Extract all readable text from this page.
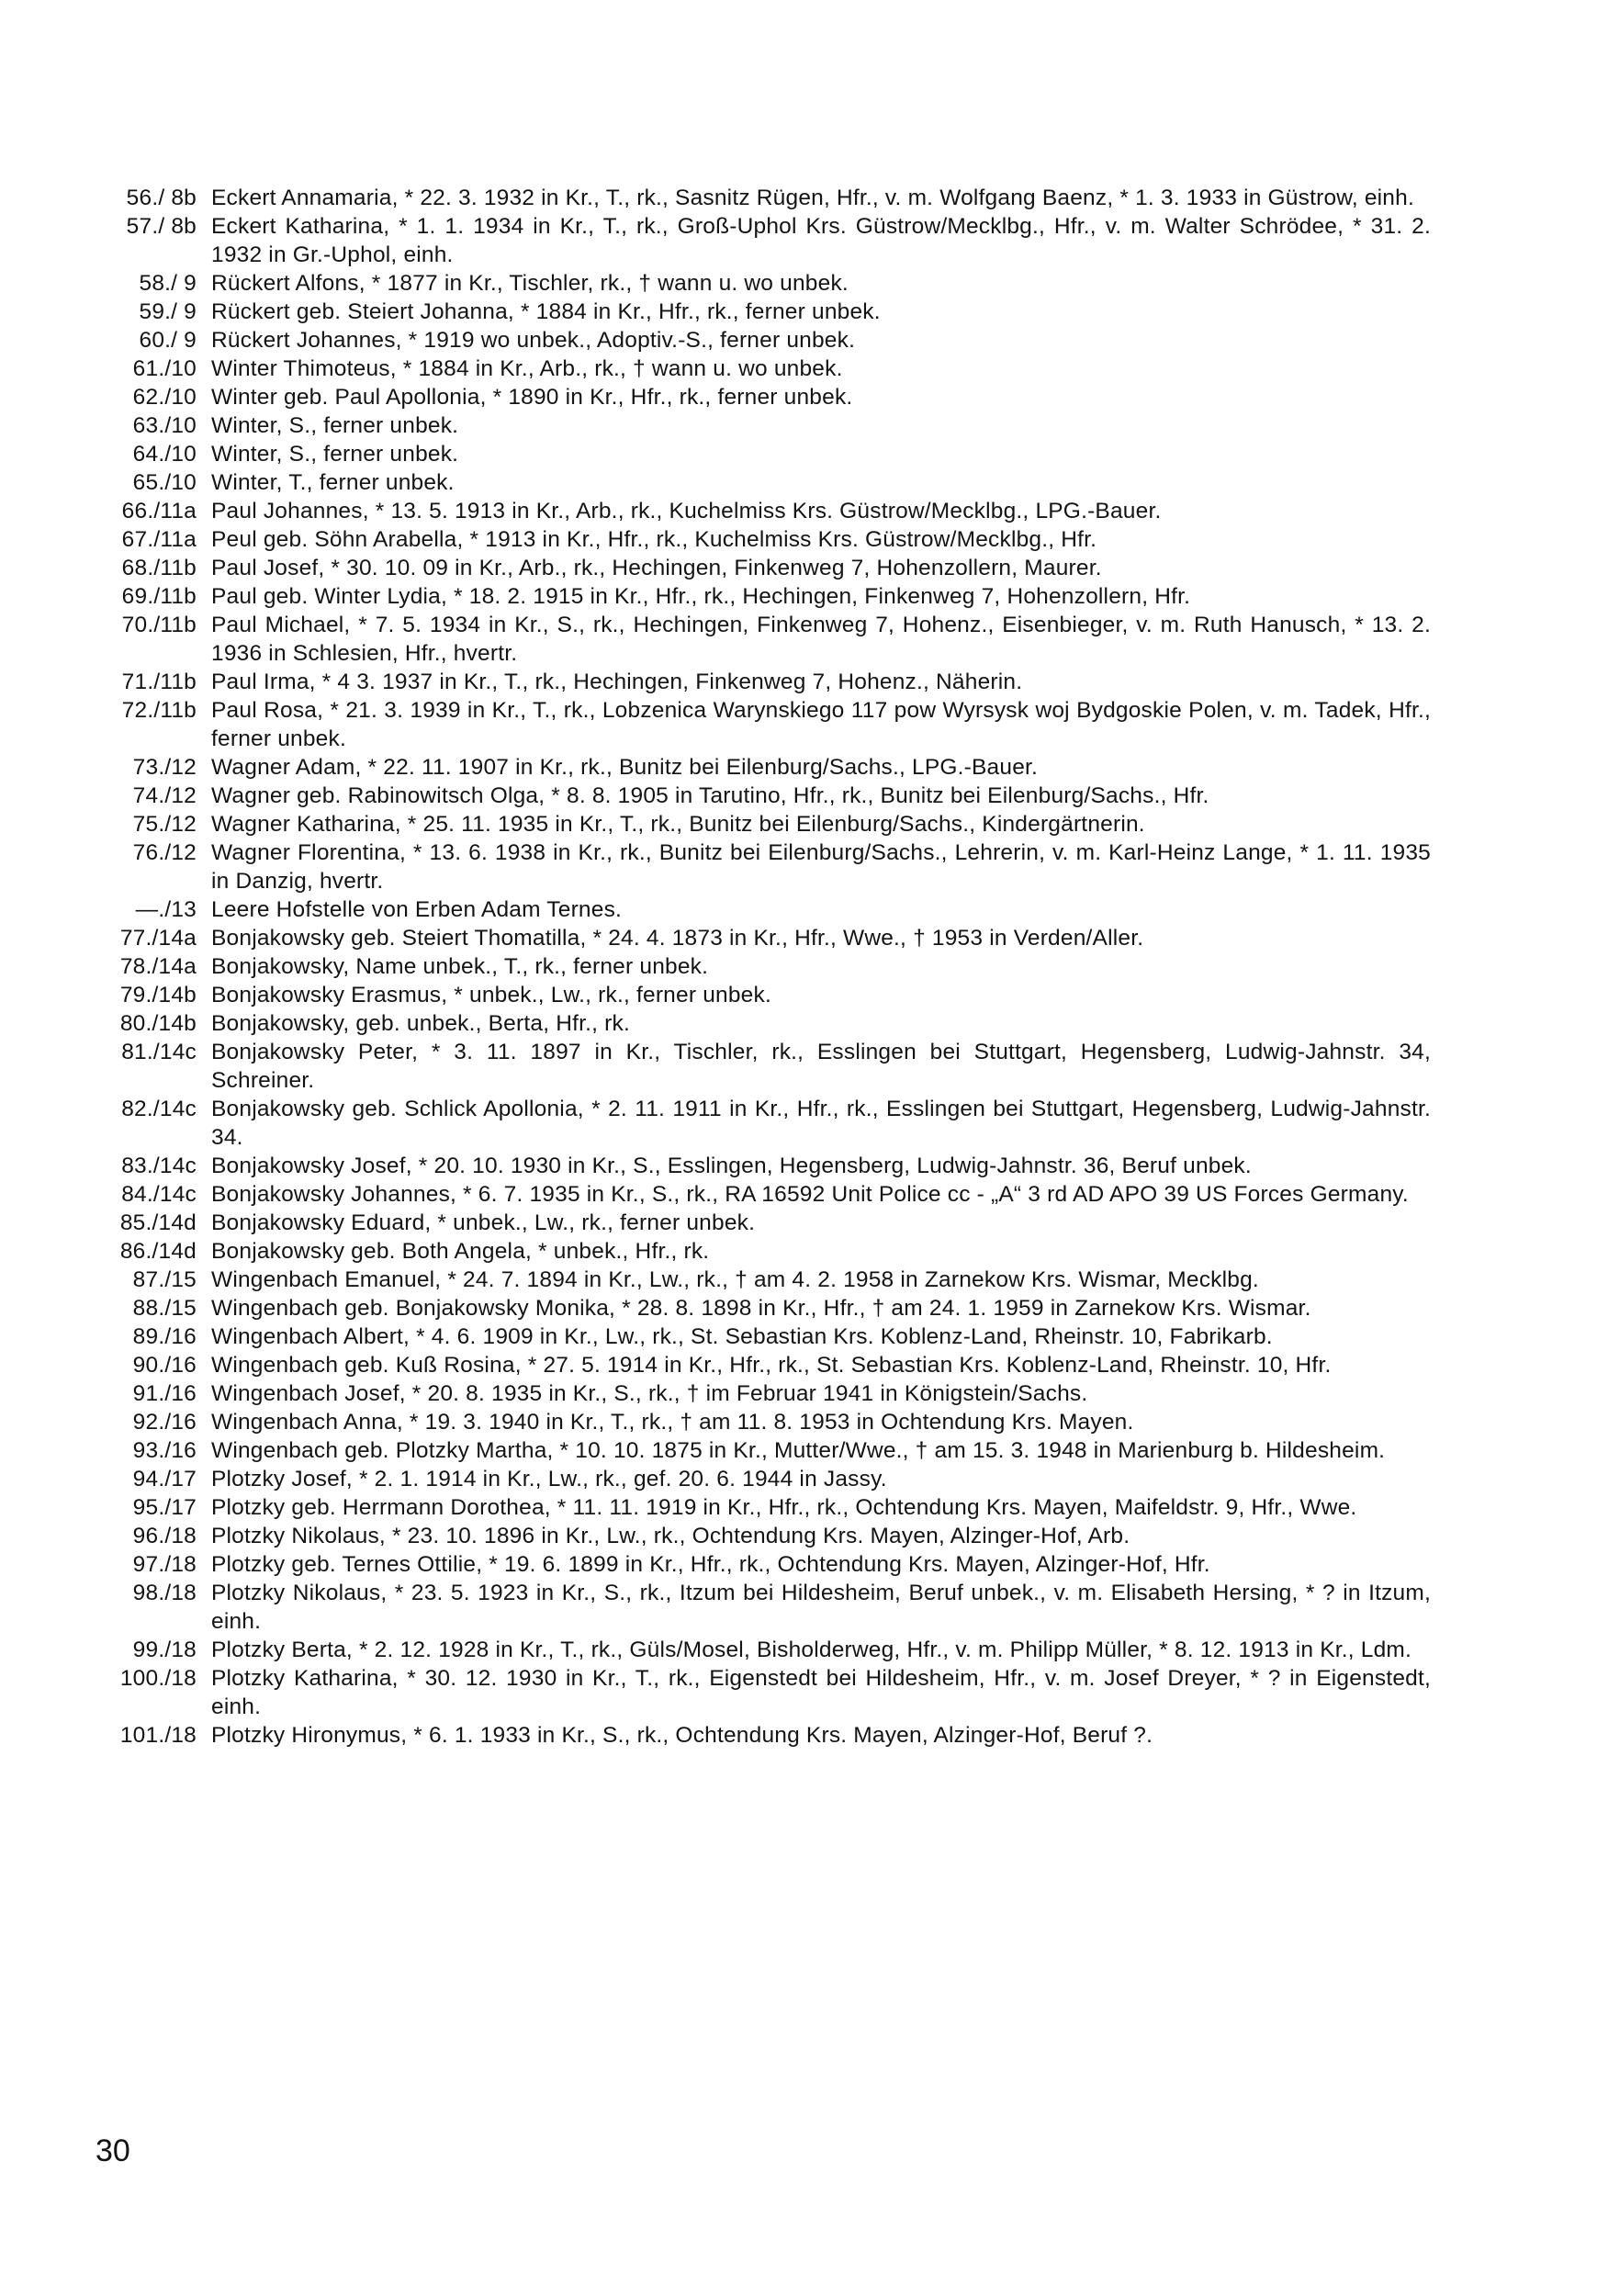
56./ 8b Eckert Annamaria, * 22. 3. 1932 in Kr., T., rk., Sasnitz Rügen, Hfr., v. m. Wolfgang Baenz, * 1. 3. 1933 in Güstrow, einh.
57./ 8b Eckert Katharina, * 1. 1. 1934 in Kr., T., rk., Groß-Uphol Krs. Güstrow/Mecklbg., Hfr., v. m. Walter Schrödee, * 31. 2. 1932 in Gr.-Uphol, einh.
58./ 9 Rückert Alfons, * 1877 in Kr., Tischler, rk., † wann u. wo unbek.
59./ 9 Rückert geb. Steiert Johanna, * 1884 in Kr., Hfr., rk., ferner unbek.
60./ 9 Rückert Johannes, * 1919 wo unbek., Adoptiv.-S., ferner unbek.
61./10 Winter Thimoteus, * 1884 in Kr., Arb., rk., † wann u. wo unbek.
62./10 Winter geb. Paul Apollonia, * 1890 in Kr., Hfr., rk., ferner unbek.
63./10 Winter, S., ferner unbek.
64./10 Winter, S., ferner unbek.
65./10 Winter, T., ferner unbek.
66./11a Paul Johannes, * 13. 5. 1913 in Kr., Arb., rk., Kuchelmiss Krs. Güstrow/Mecklbg., LPG.-Bauer.
67./11a Peul geb. Söhn Arabella, * 1913 in Kr., Hfr., rk., Kuchelmiss Krs. Güstrow/Mecklbg., Hfr.
68./11b Paul Josef, * 30. 10. 09 in Kr., Arb., rk., Hechingen, Finkenweg 7, Hohenzollern, Maurer.
69./11b Paul geb. Winter Lydia, * 18. 2. 1915 in Kr., Hfr., rk., Hechingen, Finkenweg 7, Hohenzollern, Hfr.
70./11b Paul Michael, * 7. 5. 1934 in Kr., S., rk., Hechingen, Finkenweg 7, Hohenz., Eisenbieger, v. m. Ruth Hanusch, * 13. 2. 1936 in Schlesien, Hfr., hvertr.
71./11b Paul Irma, * 4 3. 1937 in Kr., T., rk., Hechingen, Finkenweg 7, Hohenz., Näherin.
72./11b Paul Rosa, * 21. 3. 1939 in Kr., T., rk., Lobzenica Warynskiego 117 pow Wyrsysk woj Bydgoskie Polen, v. m. Tadek, Hfr., ferner unbek.
73./12 Wagner Adam, * 22. 11. 1907 in Kr., rk., Bunitz bei Eilenburg/Sachs., LPG.-Bauer.
74./12 Wagner geb. Rabinowitsch Olga, * 8. 8. 1905 in Tarutino, Hfr., rk., Bunitz bei Eilenburg/Sachs., Hfr.
75./12 Wagner Katharina, * 25. 11. 1935 in Kr., T., rk., Bunitz bei Eilenburg/Sachs., Kindergärtnerin.
76./12 Wagner Florentina, * 13. 6. 1938 in Kr., rk., Bunitz bei Eilenburg/Sachs., Lehrerin, v. m. Karl-Heinz Lange, * 1. 11. 1935 in Danzig, hvertr.
—./13 Leere Hofstelle von Erben Adam Ternes.
77./14a Bonjakowsky geb. Steiert Thomatilla, * 24. 4. 1873 in Kr., Hfr., Wwe., † 1953 in Verden/Aller.
78./14a Bonjakowsky, Name unbek., T., rk., ferner unbek.
79./14b Bonjakowsky Erasmus, * unbek., Lw., rk., ferner unbek.
80./14b Bonjakowsky, geb. unbek., Berta, Hfr., rk.
81./14c Bonjakowsky Peter, * 3. 11. 1897 in Kr., Tischler, rk., Esslingen bei Stuttgart, Hegensberg, Ludwig-Jahnstr. 34, Schreiner.
82./14c Bonjakowsky geb. Schlick Apollonia, * 2. 11. 1911 in Kr., Hfr., rk., Esslingen bei Stuttgart, Hegensberg, Ludwig-Jahnstr. 34.
83./14c Bonjakowsky Josef, * 20. 10. 1930 in Kr., S., Esslingen, Hegensberg, Ludwig-Jahnstr. 36, Beruf unbek.
84./14c Bonjakowsky Johannes, * 6. 7. 1935 in Kr., S., rk., RA 16592 Unit Police cc - „A“ 3 rd AD APO 39 US Forces Germany.
85./14d Bonjakowsky Eduard, * unbek., Lw., rk., ferner unbek.
86./14d Bonjakowsky geb. Both Angela, * unbek., Hfr., rk.
87./15 Wingenbach Emanuel, * 24. 7. 1894 in Kr., Lw., rk., † am 4. 2. 1958 in Zarnekow Krs. Wismar, Mecklbg.
88./15 Wingenbach geb. Bonjakowsky Monika, * 28. 8. 1898 in Kr., Hfr., † am 24. 1. 1959 in Zarnekow Krs. Wismar.
89./16 Wingenbach Albert, * 4. 6. 1909 in Kr., Lw., rk., St. Sebastian Krs. Koblenz-Land, Rheinstr. 10, Fabrikarb.
90./16 Wingenbach geb. Kuß Rosina, * 27. 5. 1914 in Kr., Hfr., rk., St. Sebastian Krs. Koblenz-Land, Rheinstr. 10, Hfr.
91./16 Wingenbach Josef, * 20. 8. 1935 in Kr., S., rk., † im Februar 1941 in Königstein/Sachs.
92./16 Wingenbach Anna, * 19. 3. 1940 in Kr., T., rk., † am 11. 8. 1953 in Ochtendung Krs. Mayen.
93./16 Wingenbach geb. Plotzky Martha, * 10. 10. 1875 in Kr., Mutter/Wwe., † am 15. 3. 1948 in Marienburg b. Hildesheim.
94./17 Plotzky Josef, * 2. 1. 1914 in Kr., Lw., rk., gef. 20. 6. 1944 in Jassy.
95./17 Plotzky geb. Herrmann Dorothea, * 11. 11. 1919 in Kr., Hfr., rk., Ochtendung Krs. Mayen, Maifeldstr. 9, Hfr., Wwe.
96./18 Plotzky Nikolaus, * 23. 10. 1896 in Kr., Lw., rk., Ochtendung Krs. Mayen, Alzinger-Hof, Arb.
97./18 Plotzky geb. Ternes Ottilie, * 19. 6. 1899 in Kr., Hfr., rk., Ochtendung Krs. Mayen, Alzinger-Hof, Hfr.
98./18 Plotzky Nikolaus, * 23. 5. 1923 in Kr., S., rk., Itzum bei Hildesheim, Beruf unbek., v. m. Elisabeth Hersing, * ? in Itzum, einh.
99./18 Plotzky Berta, * 2. 12. 1928 in Kr., T., rk., Güls/Mosel, Bisholderweg, Hfr., v. m. Philipp Müller, * 8. 12. 1913 in Kr., Ldm.
100./18 Plotzky Katharina, * 30. 12. 1930 in Kr., T., rk., Eigenstedt bei Hildesheim, Hfr., v. m. Josef Dreyer, * ? in Eigenstedt, einh.
101./18 Plotzky Hironymus, * 6. 1. 1933 in Kr., S., rk., Ochtendung Krs. Mayen, Alzinger-Hof, Beruf ?.
30
